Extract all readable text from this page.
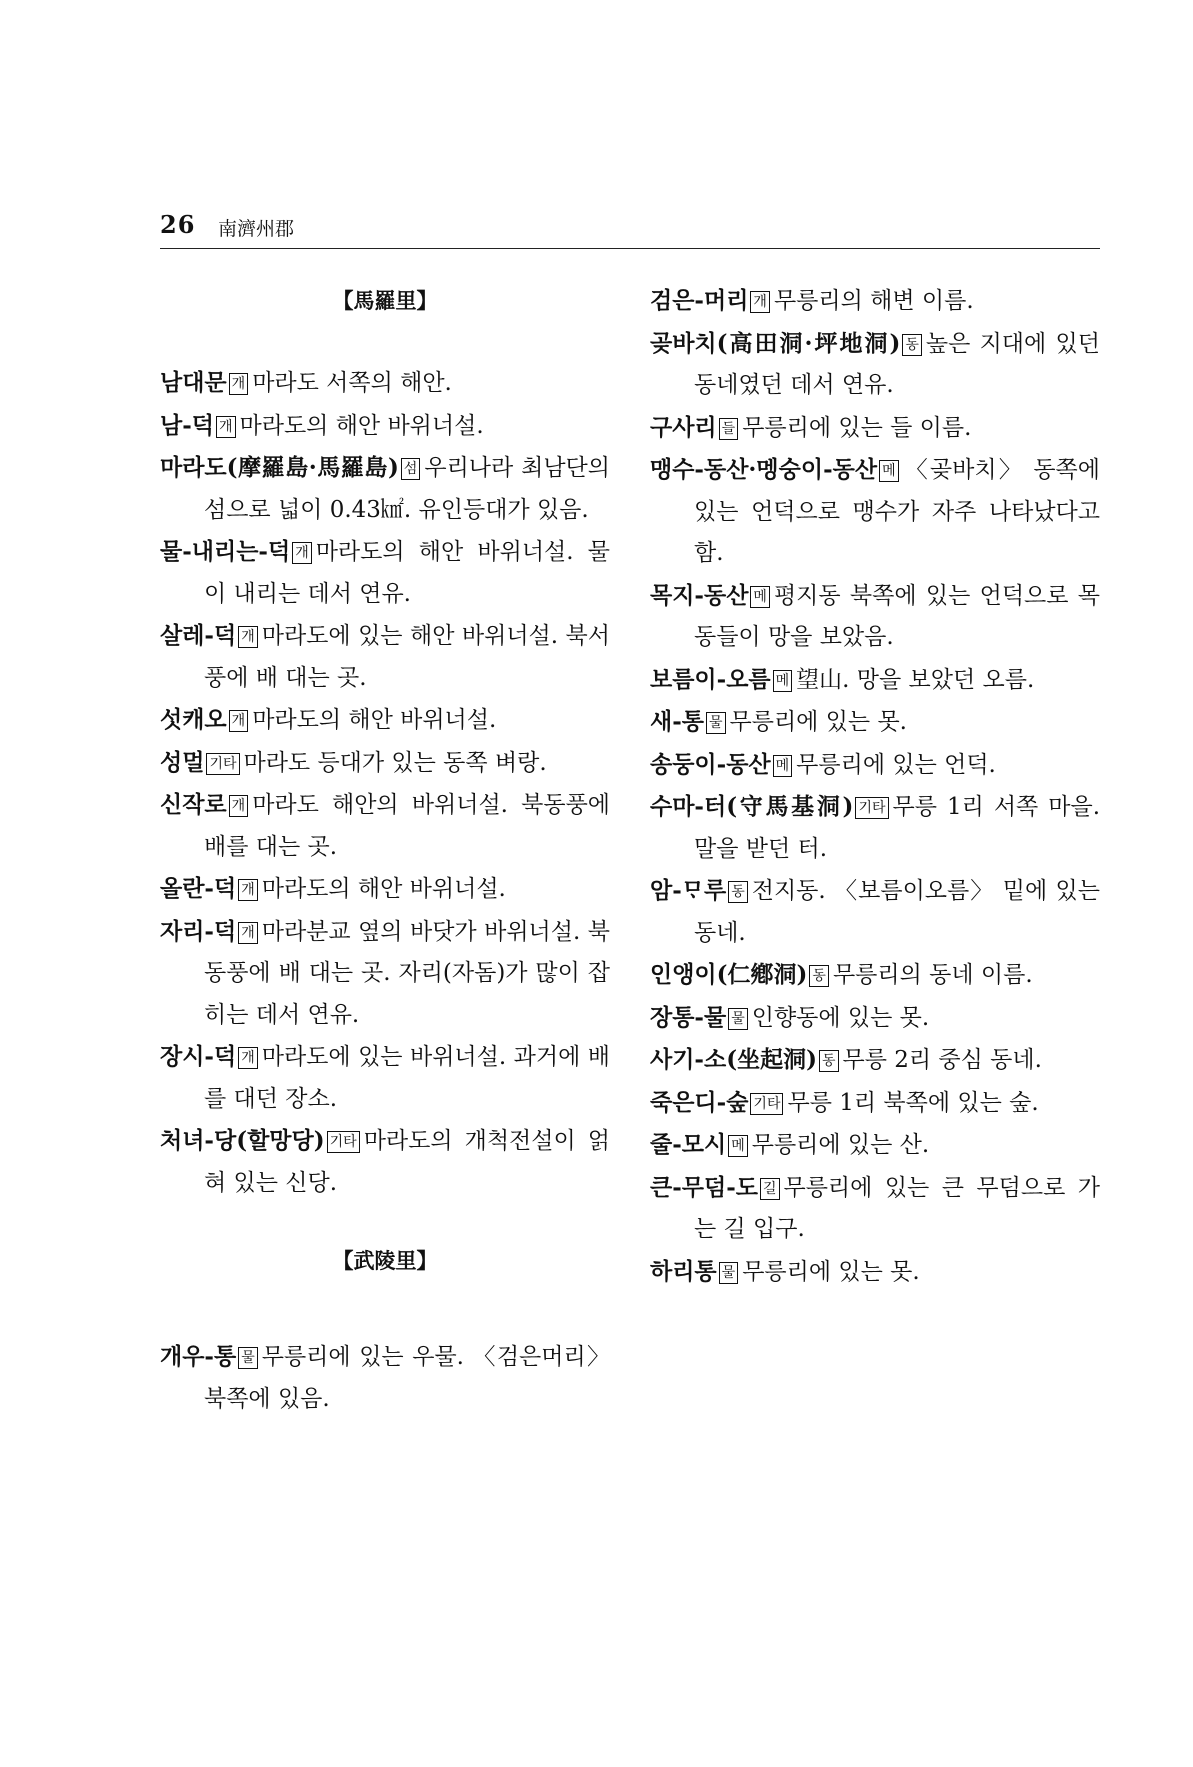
26 南濟州郡
【馬羅里】
남대문 개 마라도 서쪽의 해안.
남-덕 개 마라도의 해안 바위너설.
마라도(摩羅島·馬羅島) 섬 우리나라 최남단의 섬으로 넓이 0.43㎢. 유인등대가 있음.
물-내리는-덕 개 마라도의 해안 바위너설. 물이 내리는 데서 연유.
살레-덕 개 마라도에 있는 해안 바위너설. 북서풍에 배 대는 곳.
섯캐오 개 마라도의 해안 바위너설.
성멀 기타 마라도 등대가 있는 동쪽 벼랑.
신작로 개 마라도 해안의 바위너설. 북동풍에 배를 대는 곳.
올란-덕 개 마라도의 해안 바위너설.
자리-덕 개 마라분교 옆의 바닷가 바위너설. 북동풍에 배 대는 곳. 자리(자돔)가 많이 잡히는 데서 연유.
장시-덕 개 마라도에 있는 바위너설. 과거에 배를 대던 장소.
처녀-당(할망당) 기타 마라도의 개척전설이 얽혀 있는 신당.
【武陵里】
개우-통 물 무릉리에 있는 우물. 〈검은머리〉 북쪽에 있음.
검은-머리 개 무릉리의 해변 이름.
곶바치(高田洞·坪地洞) 동 높은 지대에 있던 동네였던 데서 연유.
구사리 들 무릉리에 있는 들 이름.
맹수-동산·멩숭이-동산 메 〈곶바치〉 동쪽에 있는 언덕으로 맹수가 자주 나타났다고 함.
목지-동산 메 평지동 북쪽에 있는 언덕으로 목동들이 망을 보았음.
보름이-오름 메 望山. 망을 보았던 오름.
새-통 물 무릉리에 있는 못.
송둥이-동산 메 무릉리에 있는 언덕.
수마-터(守馬基洞) 기타 무릉 1리 서쪽 마을. 말을 받던 터.
암-ᄆᆞ루 동 전지동. 〈보름이오름〉 밑에 있는 동네.
인앵이(仁鄕洞) 동 무릉리의 동네 이름.
장통-물 물 인향동에 있는 못.
사기-소(坐起洞) 동 무릉 2리 중심 동네.
죽은디-숲 기타 무릉 1리 북쪽에 있는 숲.
줄-모시 메 무릉리에 있는 산.
큰-무덤-도 길 무릉리에 있는 큰 무덤으로 가는 길 입구.
하리통 물 무릉리에 있는 못.
